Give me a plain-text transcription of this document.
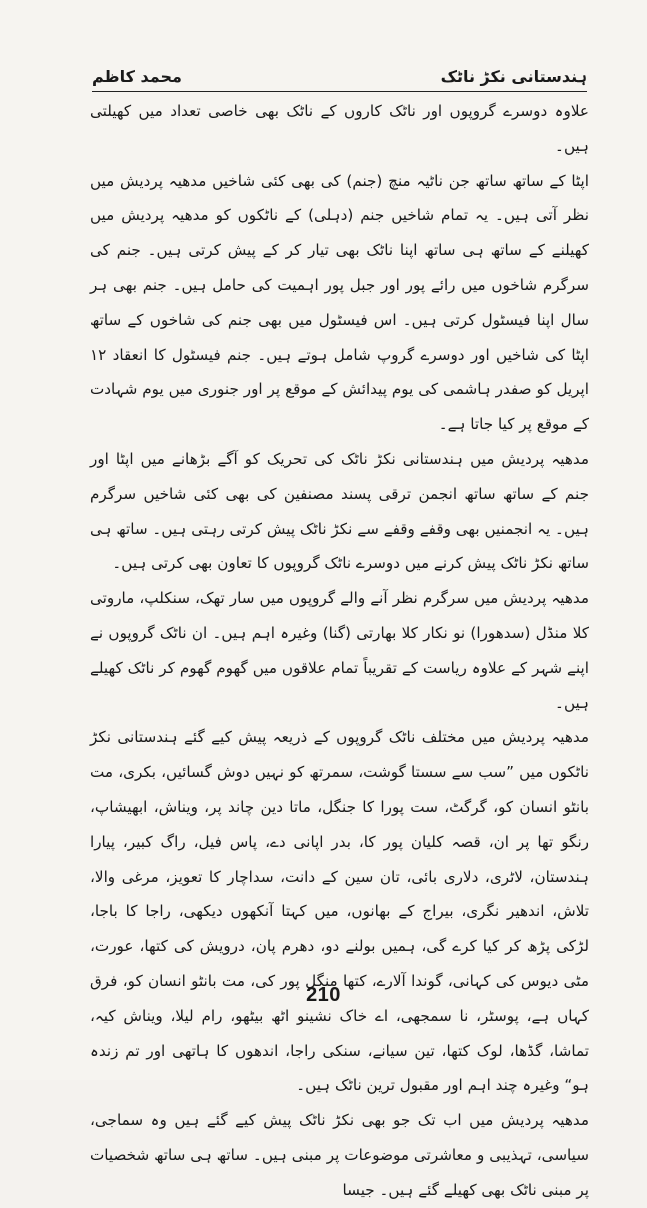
ہندستانی نکڑ ناٹک
محمد کاظم

علاوہ دوسرے گروپوں اور ناٹک کاروں کے ناٹک بھی خاصی تعداد میں کھیلتی ہیں۔

اپٹا کے ساتھ ساتھ جن ناٹیہ منچ (جنم) کی بھی کئی شاخیں مدھیہ پردیش میں نظر آتی ہیں۔ یہ تمام شاخیں جنم (دہلی) کے ناٹکوں کو مدھیہ پردیش میں کھیلنے کے ساتھ ہی ساتھ اپنا ناٹک بھی تیار کر کے پیش کرتی ہیں۔ جنم کی سرگرم شاخوں میں رائے پور اور جبل پور اہمیت کی حامل ہیں۔ جنم بھی ہر سال اپنا فیسٹول کرتی ہیں۔ اس فیسٹول میں بھی جنم کی شاخوں کے ساتھ اپٹا کی شاخیں اور دوسرے گروپ شامل ہوتے ہیں۔ جنم فیسٹول کا انعقاد ۱۲ اپریل کو صفدر ہاشمی کی یوم پیدائش کے موقع پر اور جنوری میں یوم شہادت کے موقع پر کیا جاتا ہے۔

مدھیہ پردیش میں ہندستانی نکڑ ناٹک کی تحریک کو آگے بڑھانے میں اپٹا اور جنم کے ساتھ ساتھ انجمن ترقی پسند مصنفین کی بھی کئی شاخیں سرگرم ہیں۔ یہ انجمنیں بھی وقفے وقفے سے نکڑ ناٹک پیش کرتی رہتی ہیں۔ ساتھ ہی ساتھ نکڑ ناٹک پیش کرنے میں دوسرے ناٹک گروپوں کا تعاون بھی کرتی ہیں۔

مدھیہ پردیش میں سرگرم نظر آنے والے گروپوں میں سار تھک، سنکلپ، ماروتی کلا منڈل (سدھورا) نو نکار کلا بھارتی (گنا) وغیرہ اہم ہیں۔ ان ناٹک گروپوں نے اپنے شہر کے علاوہ ریاست کے تقریباً تمام علاقوں میں گھوم گھوم کر ناٹک کھیلے ہیں۔

مدھیہ پردیش میں مختلف ناٹک گروپوں کے ذریعہ پیش کیے گئے ہندستانی نکڑ ناٹکوں میں ”سب سے سستا گوشت، سمرتھ کو نہیں دوش گسائیں، بکری، مت بانٹو انسان کو، گرگٹ، ست پورا کا جنگل، ماتا دین چاند پر، ویناش، ابھیشاپ، رنگو تھا پر ان، قصہ کلیان پور کا، بدر اپانی دے، پاس فیل، راگ کبیر، پیارا ہندستان، لاٹری، دلاری بائی، تان سین کے دانت، سداچار کا تعویز، مرغی والا، تلاش، اندھیر نگری، بیراج کے بھانوں، میں کہتا آنکھوں دیکھی، راجا کا باجا، لڑکی پڑھ کر کیا کرے گی، ہمیں بولنے دو، دھرم پان، درویش کی کتھا، عورت، مٹی دیوس کی کہانی، گوندا آلارے، کتھا منگل پور کی، مت بانٹو انسان کو، فرق کہاں ہے، پوسٹر، نا سمجھی، اے خاک نشینو اٹھ بیٹھو، رام لیلا، ویناش کیہ، تماشا، گڈھا، لوک کتھا، تین سیانے، سنکی راجا، اندھوں کا ہاتھی اور تم زندہ ہو“ وغیرہ چند اہم اور مقبول ترین ناٹک ہیں۔

مدھیہ پردیش میں اب تک جو بھی نکڑ ناٹک پیش کیے گئے ہیں وہ سماجی، سیاسی، تہذیبی و معاشرتی موضوعات پر مبنی ہیں۔ ساتھ ہی ساتھ شخصیات پر مبنی ناٹک بھی کھیلے گئے ہیں۔ جیسا

210
